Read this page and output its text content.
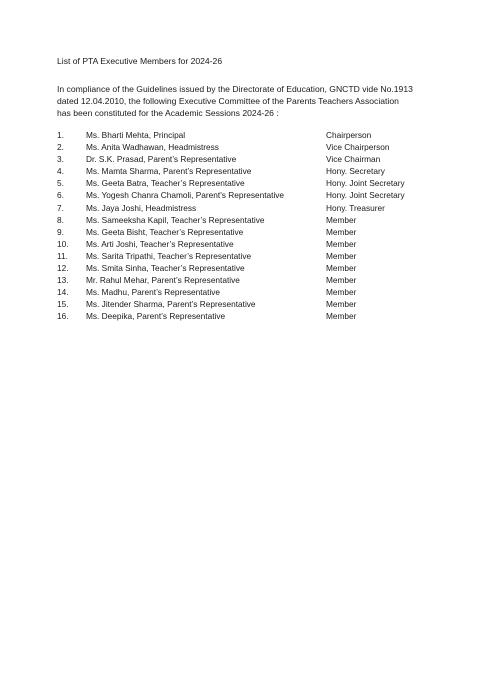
List of PTA Executive Members for 2024-26
In compliance of the Guidelines issued by the Directorate of Education, GNCTD vide No.1913
dated 12.04.2010, the following Executive Committee of the Parents Teachers Association
has been constituted for the Academic Sessions 2024-26 :
1.	Ms. Bharti Mehta, Principal	Chairperson
2.	Ms. Anita Wadhawan, Headmistress	Vice Chairperson
3.	Dr. S.K. Prasad, Parent’s Representative	Vice Chairman
4.	Ms. Mamta Sharma, Parent’s Representative	Hony. Secretary
5.	Ms. Geeta Batra, Teacher’s Representative	Hony. Joint Secretary
6.	Ms. Yogesh Chanra Chamoli, Parent's Representative	Hony. Joint Secretary
7.	Ms. Jaya Joshi, Headmistress	Hony. Treasurer
8.	Ms. Sameeksha Kapil, Teacher’s Representative	Member
9.	Ms. Geeta Bisht, Teacher’s Representative	Member
10.	Ms. Arti Joshi, Teacher’s Representative	Member
11.	Ms. Sarita Tripathi, Teacher’s Representative	Member
12.	Ms. Smita Sinha, Teacher’s Representative	Member
13.	Mr. Rahul Mehar, Parent’s Representative	Member
14.	Ms. Madhu, Parent’s Representative	Member
15.	Ms. Jitender Sharma, Parent’s Representative	Member
16.	Ms. Deepika, Parent’s Representative	Member
